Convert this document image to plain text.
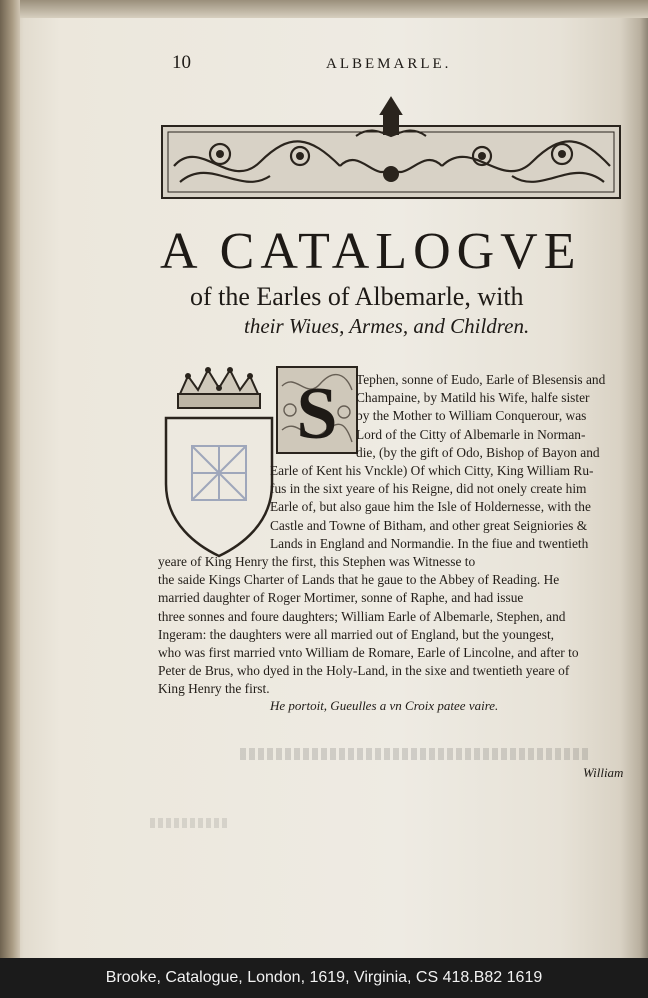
10	ALBEMARLE.
A CATALOGVE
of the Earles of Albemarle, with
their Wiues, Armes, and Children.
S Tephen, sonne of Eudo, Earle of Blesensis and
Champaine, by Matild his Wife, halfe sister
by the Mother to William Conquerour, was
Lord of the Citty of Albemarle in Norman-
die, (by the gift of Odo, Bishop of Bayon and
Earle of Kent his Vnckle) Of which Citty, King William Ru-
fus in the sixt yeare of his Reigne, did not onely create him
Earle of, but also gaue him the Isle of Holdernesse, with the
Castle and Towne of Bitham, and other great Seigniories &
Lands in England and Normandie. In the fiue and twentieth
yeare of King Henry the first, this Stephen was Witnesse to
the saide Kings Charter of Lands that he gaue to the Abbey of Reading. He
married daughter of Roger Mortimer, sonne of Raphe, and had issue
three sonnes and foure daughters; William Earle of Albemarle, Stephen, and
Ingeram: the daughters were all married out of England, but the youngest,
who was first married vnto William de Romare, Earle of Lincolne, and after to
Peter de Brus, who dyed in the Holy-Land, in the sixe and twentieth yeare of
King Henry the first.
He portoit, Gueulles a vn Croix patee vaire.
William
Brooke, Catalogue, London, 1619, Virginia, CS 418.B82 1619
